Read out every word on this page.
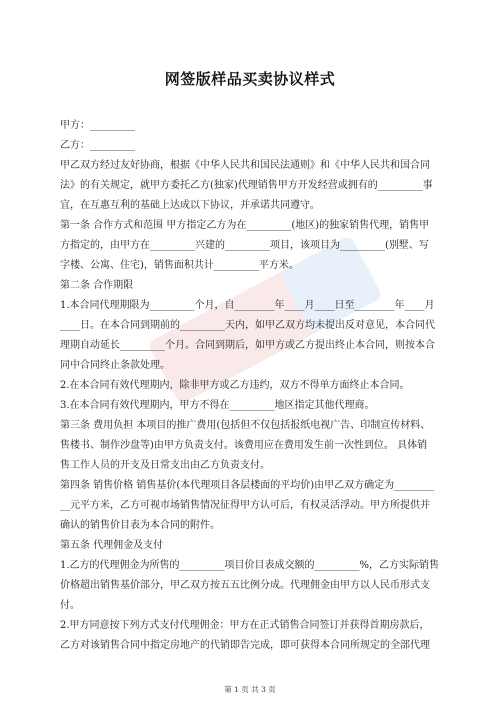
网签版样品买卖协议样式
甲方：_________
乙方：_________
甲乙双方经过友好协商，根据《中华人民共和国民法通则》和《中华人民共和国合同
法》的有关规定，就甲方委托乙方(独家)代理销售甲方开发经营或拥有的_________事
宜，在互惠互利的基础上达成以下协议，并承诺共同遵守。
第一条 合作方式和范围 甲方指定乙方为在_________(地区)的独家销售代理，销售甲
方指定的，由甲方在_________兴建的_________项目，该项目为_________(别墅、写
字楼、公寓、住宅)，销售面积共计_________平方米。
第二条 合作期限
1.本合同代理期限为_________个月，自________年____月____日至________年____月
____日。在本合同到期前的_________天内，如甲乙双方均未提出反对意见，本合同代
理期自动延长_________个月。合同到期后，如甲方或乙方提出终止本合同，则按本合
同中合同终止条款处理。
2.在本合同有效代理期内，除非甲方或乙方违约，双方不得单方面终止本合同。
3.在本合同有效代理期内，甲方不得在_________地区指定其他代理商。
第三条 费用负担 本项目的推广费用(包括但不仅包括报纸电视广告、印制宣传材料、
售楼书、制作沙盘等)由甲方负责支付。该费用应在费用发生前一次性到位。 具体销
售工作人员的开支及日常支出由乙方负责支付。
第四条 销售价格 销售基价(本代理项目各层楼面的平均价)由甲乙双方确定为________
__元平方米，乙方可视市场销售情况征得甲方认可后，有权灵活浮动。甲方所提供并
确认的销售价目表为本合同的附件。
第五条 代理佣金及支付
1.乙方的代理佣金为所售的_________项目价目表成交额的_________%，乙方实际销售
价格超出销售基价部分，甲乙双方按五五比例分成。代理佣金由甲方以人民币形式支
付。
2.甲方同意按下列方式支付代理佣金：甲方在正式销售合同签订并获得首期房款后，
乙方对该销售合同中指定房地产的代销即告完成，即可获得本合同所规定的全部代理
第 1 页 共 3 页
